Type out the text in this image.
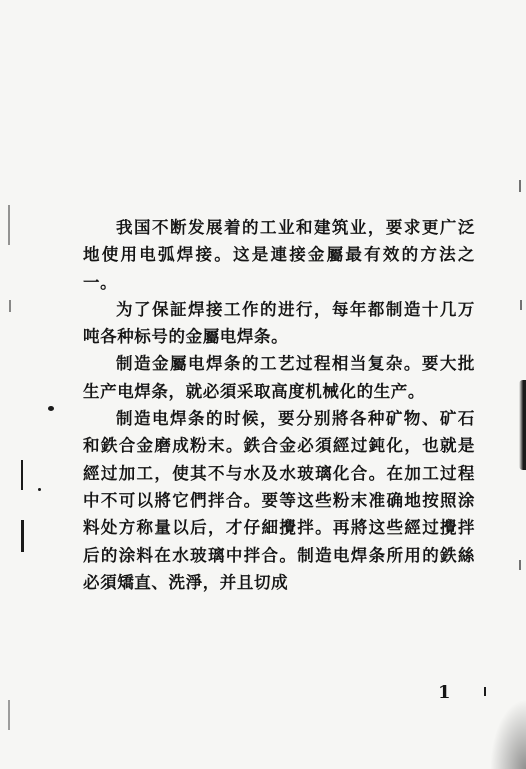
我国不断发展着的工业和建筑业，要求更广泛地使用电弧焊接。这是連接金屬最有效的方法之一。

为了保証焊接工作的进行，每年都制造十几万吨各种标号的金屬电焊条。

制造金屬电焊条的工艺过程相当复杂。要大批生产电焊条，就必須采取高度机械化的生产。

制造电焊条的时候，要分别將各种矿物、矿石和鉄合金磨成粉末。鉄合金必須經过鈍化，也就是經过加工，使其不与水及水玻璃化合。在加工过程中不可以將它們拌合。要等这些粉末准确地按照涂料处方称量以后，才仔細攪拌。再將这些經过攪拌后的涂料在水玻璃中拌合。制造电焊条所用的鉄絲必須矯直、洗淨，并且切成

1
